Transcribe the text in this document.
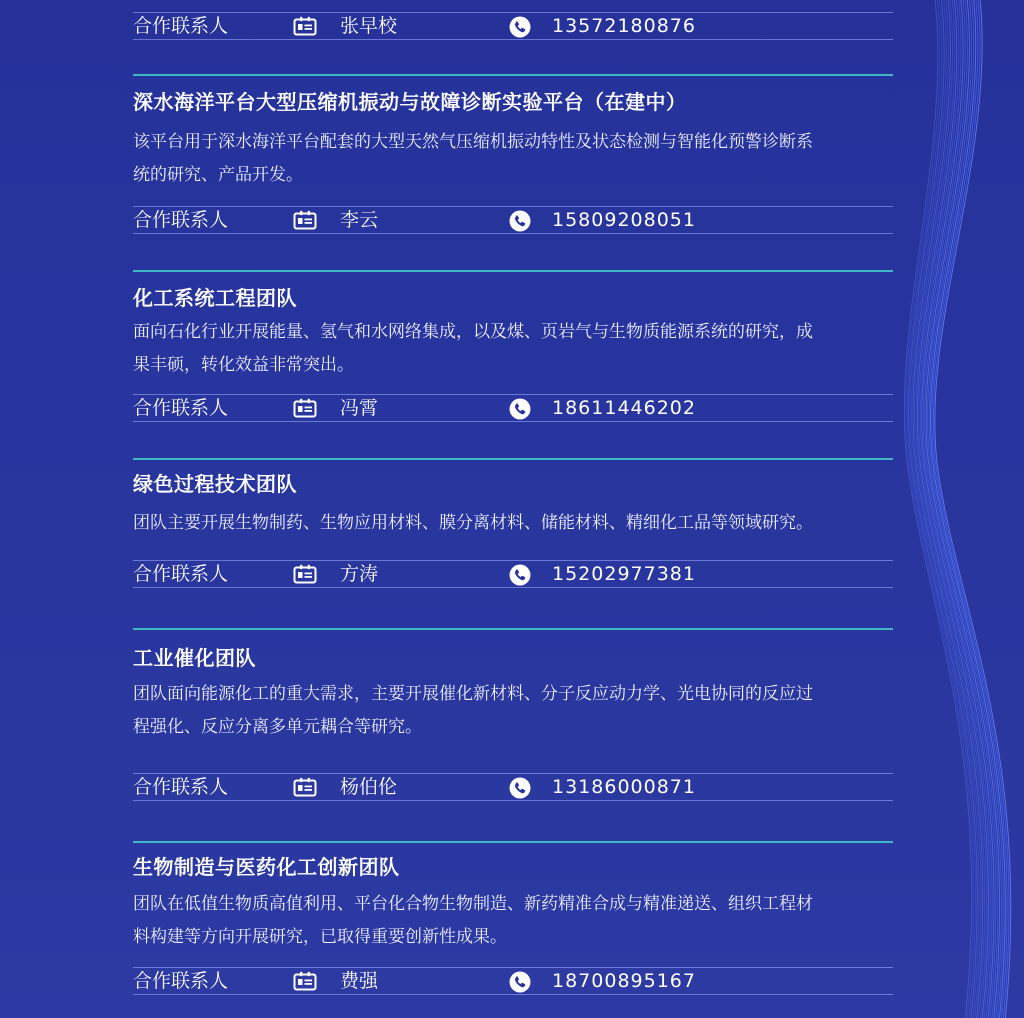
合作联系人	张早校	13572180876
深水海洋平台大型压缩机振动与故障诊断实验平台（在建中）
该平台用于深水海洋平台配套的大型天然气压缩机振动特性及状态检测与智能化预警诊断系
统的研究、产品开发。
合作联系人	李云	15809208051
化工系统工程团队
面向石化行业开展能量、氢气和水网络集成，以及煤、页岩气与生物质能源系统的研究，成
果丰硕，转化效益非常突出。
合作联系人	冯霄	18611446202
绿色过程技术团队
团队主要开展生物制药、生物应用材料、膜分离材料、储能材料、精细化工品等领域研究。
合作联系人	方涛	15202977381
工业催化团队
团队面向能源化工的重大需求，主要开展催化新材料、分子反应动力学、光电协同的反应过
程强化、反应分离多单元耦合等研究。
合作联系人	杨伯伦	13186000871
生物制造与医药化工创新团队
团队在低值生物质高值利用、平台化合物生物制造、新药精准合成与精准递送、组织工程材
料构建等方向开展研究，已取得重要创新性成果。
合作联系人	费强	18700895167
